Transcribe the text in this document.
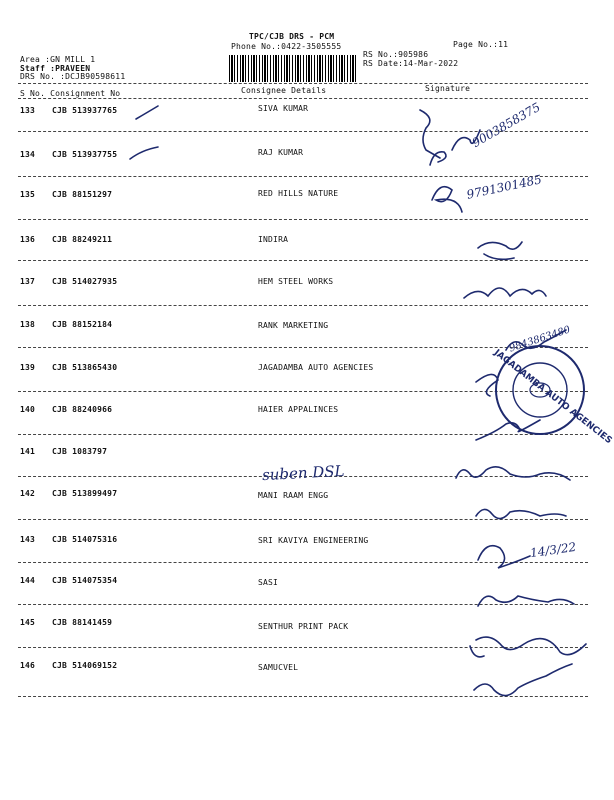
TPC/CJB DRS - PCM
Phone No.:0422-3505555	Page No.:11
Area :GN MILL 1
Staff :PRAVEEN
DRS No. :DCJB90598611
RS No.:905986
RS Date:14-Mar-2022
S No. Consignment No	Consignee Details	Signature
133 CJB 513937765	SIVA KUMAR
134 CJB 513937755	RAJ KUMAR
135 CJB 88151297	RED HILLS NATURE
136 CJB 88249211	INDIRA
137 CJB 514027935	HEM STEEL WORKS
138 CJB 88152184	RANK MARKETING
139 CJB 513865430	JAGADAMBA AUTO AGENCIES
140 CJB 88240966	HAIER APPALINCES
141 CJB 1083797
142 CJB 513899497	MANI RAAM ENGG
143 CJB 514075316	SRI KAVIYA ENGINEERING
144 CJB 514075354	SASI
145 CJB 88141459	SENTHUR PRINT PACK
146 CJB 514069152	SAMUCVEL
9003858375
9791301485
9843863480
suben DSL
14/3/22
JAGADAMBA AUTO AGENCIES
